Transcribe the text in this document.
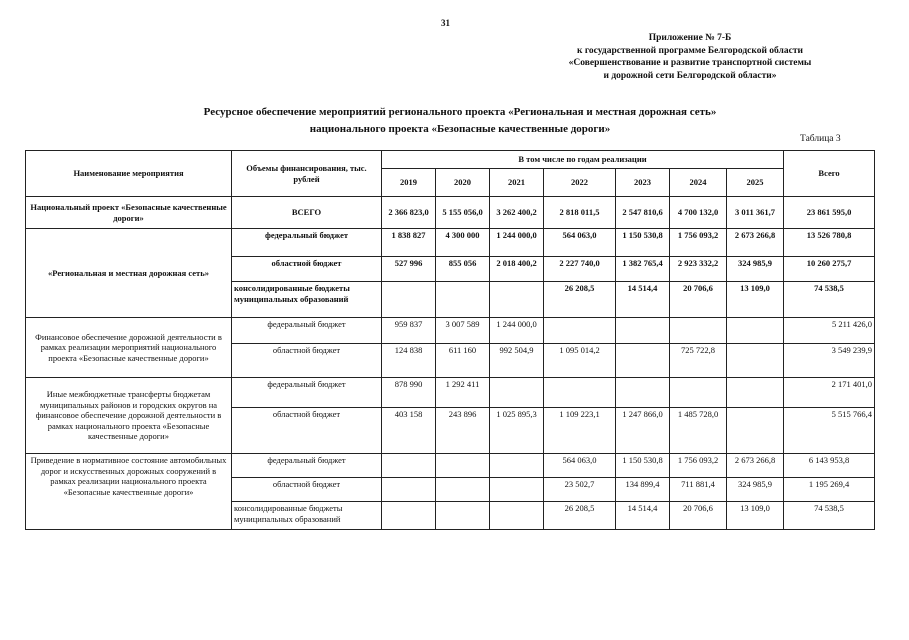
31
Приложение № 7-Б
к государственной программе Белгородской области
«Совершенствование и развитие транспортной системы
и дорожной сети Белгородской области»
Ресурсное обеспечение мероприятий регионального проекта «Региональная и местная дорожная сеть»
национального проекта «Безопасные качественные дороги»
Таблица 3
Наименование мероприятия	Объемы финансирования, тыс. рублей	В том числе по годам реализации							Всего
		2019	2020	2021	2022	2023	2024	2025	
Национальный проект «Безопасные качественные дороги»	ВСЕГО	2 366 823,0	5 155 056,0	3 262 400,2	2 818 011,5	2 547 810,6	4 700 132,0	3 011 361,7	23 861 595,0
«Региональная и местная дорожная сеть»	федеральный бюджет	1 838 827	4 300 000	1 244 000,0	564 063,0	1 150 530,8	1 756 093,2	2 673 266,8	13 526 780,8
	областной бюджет	527 996	855 056	2 018 400,2	2 227 740,0	1 382 765,4	2 923 332,2	324 985,9	10 260 275,7
	консолидированные бюджеты муниципальных образований				26 208,5	14 514,4	20 706,6	13 109,0	74 538,5
Финансовое обеспечение дорожной деятельности в рамках реализации мероприятий национального проекта «Безопасные качественные дороги»	федеральный бюджет	959 837	3 007 589	1 244 000,0					5 211 426,0
	областной бюджет	124 838	611 160	992 504,9	1 095 014,2		725 722,8		3 549 239,9
Иные межбюджетные трансферты бюджетам муниципальных районов и городских округов на финансовое обеспечение дорожной деятельности в рамках национального проекта «Безопасные качественные дороги»	федеральный бюджет	878 990	1 292 411						2 171 401,0
	областной бюджет	403 158	243 896	1 025 895,3	1 109 223,1	1 247 866,0	1 485 728,0		5 515 766,4
Приведение в нормативное состояние автомобильных дорог и искусственных дорожных сооружений в рамках реализации национального проекта «Безопасные качественные дороги»	федеральный бюджет				564 063,0	1 150 530,8	1 756 093,2	2 673 266,8	6 143 953,8
	областной бюджет				23 502,7	134 899,4	711 881,4	324 985,9	1 195 269,4
	консолидированные бюджеты муниципальных образований				26 208,5	14 514,4	20 706,6	13 109,0	74 538,5
